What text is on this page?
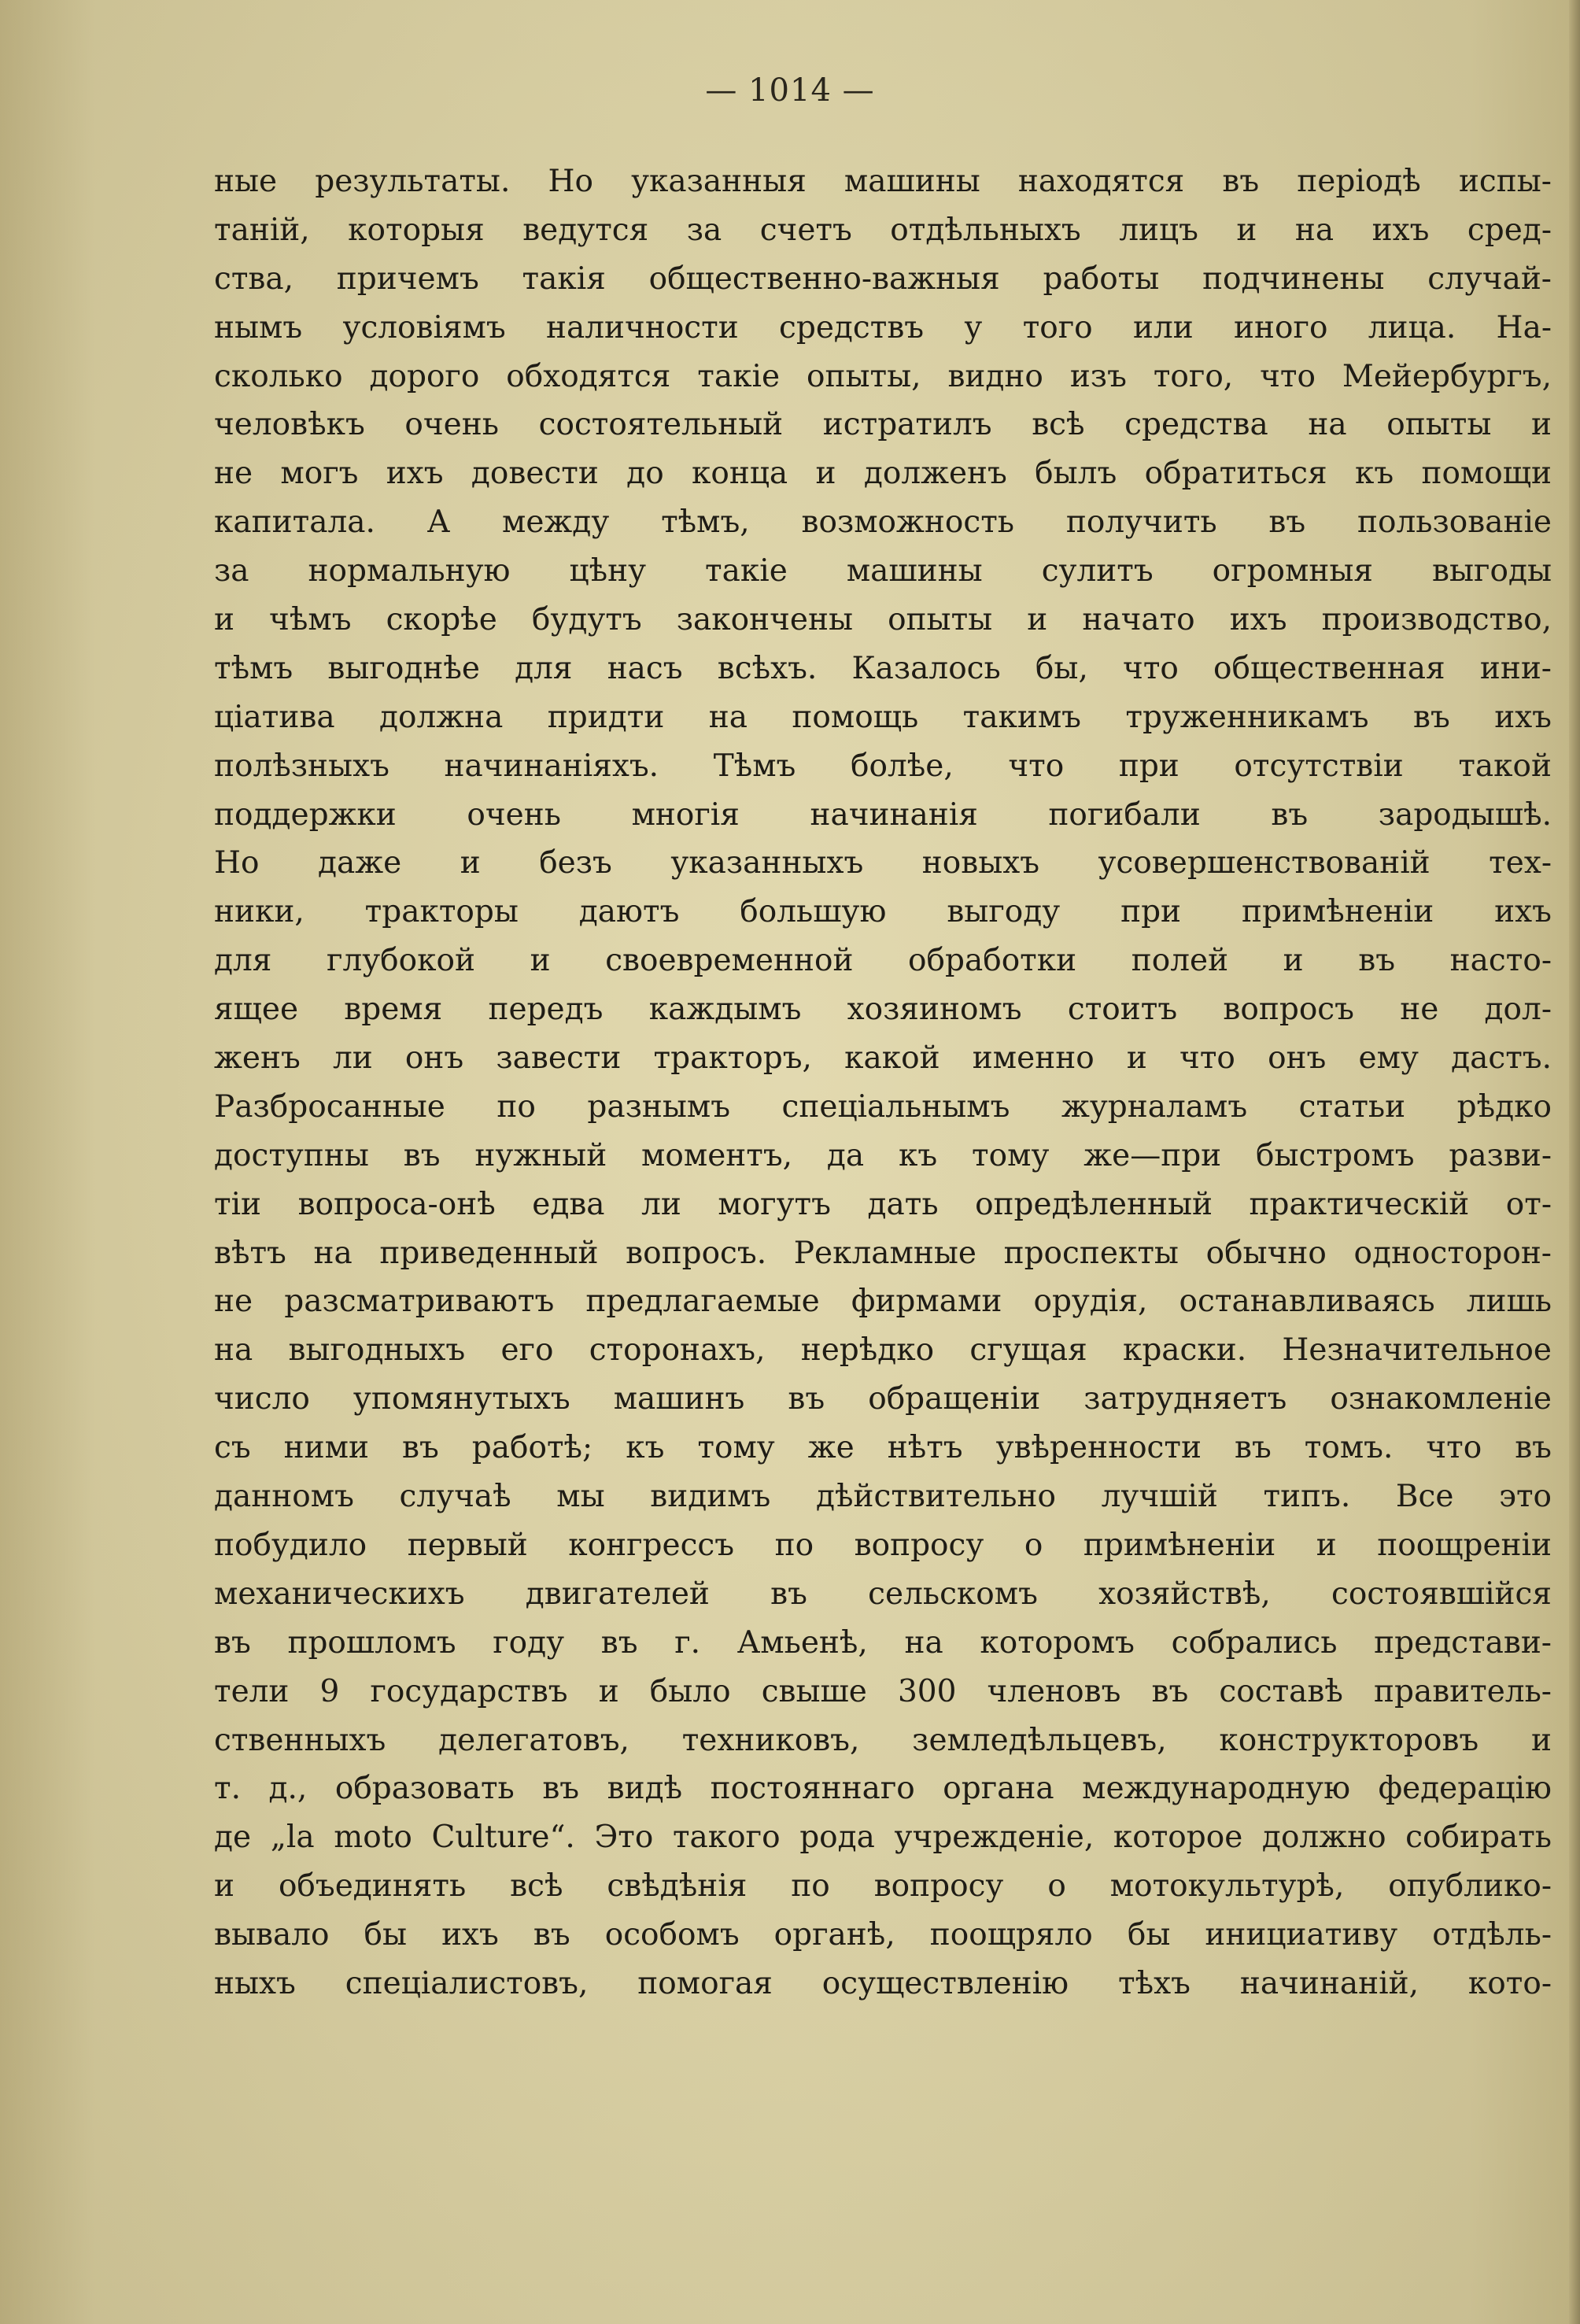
— 1014 —
ные результаты. Но указанныя машины находятся въ періодѣ испы-
таній, которыя ведутся за счетъ отдѣльныхъ лицъ и на ихъ сред-
ства, причемъ такія общественно-важныя работы подчинены случай-
нымъ условіямъ наличности средствъ у того или иного лица. На-
сколько дорого обходятся такіе опыты, видно изъ того, что Мейербургъ,
человѣкъ очень состоятельный истратилъ всѣ средства на опыты и
не могъ ихъ довести до конца и долженъ былъ обратиться къ помощи
капитала. А между тѣмъ, возможность получить въ пользованіе
за нормальную цѣну такіе машины сулитъ огромныя выгоды
и чѣмъ скорѣе будутъ закончены опыты и начато ихъ производство,
тѣмъ выгоднѣе для насъ всѣхъ. Казалось бы, что общественная ини-
ціатива должна придти на помощь такимъ труженникамъ въ ихъ
полѣзныхъ начинаніяхъ. Тѣмъ болѣе, что при отсутствіи такой
поддержки очень многія начинанія погибали въ зародышѣ.
Но даже и безъ указанныхъ новыхъ усовершенствованій тех-
ники, тракторы даютъ большую выгоду при примѣненіи ихъ
для глубокой и своевременной обработки полей и въ насто-
ящее время передъ каждымъ хозяиномъ стоитъ вопросъ не дол-
женъ ли онъ завести тракторъ, какой именно и что онъ ему дастъ.
Разбросанные по разнымъ спеціальнымъ журналамъ статьи рѣдко
доступны въ нужный моментъ, да къ тому же—при быстромъ разви-
тіи вопроса-онѣ едва ли могутъ дать опредѣленный практическій от-
вѣтъ на приведенный вопросъ. Рекламные проспекты обычно односторон-
не разсматриваютъ предлагаемые фирмами орудія, останавливаясь лишь
на выгодныхъ его сторонахъ, нерѣдко сгущая краски. Незначительное
число упомянутыхъ машинъ въ обращеніи затрудняетъ ознакомленіе
съ ними въ работѣ; къ тому же нѣтъ увѣренности въ томъ. что въ
данномъ случаѣ мы видимъ дѣйствительно лучшій типъ. Все это
побудило первый конгрессъ по вопросу о примѣненіи и поощреніи
механическихъ двигателей въ сельскомъ хозяйствѣ, состоявшійся
въ прошломъ году въ г. Амьенѣ, на которомъ собрались представи-
тели 9 государствъ и было свыше 300 членовъ въ составѣ правитель-
ственныхъ делегатовъ, техниковъ, земледѣльцевъ, конструкторовъ и
т. д., образовать въ видѣ постояннаго органа международную федерацію
де „la moto Culture“. Это такого рода учрежденіе, которое должно собирать
и объединять всѣ свѣдѣнія по вопросу о мотокультурѣ, опублико-
вывало бы ихъ въ особомъ органѣ, поощряло бы инициативу отдѣль-
ныхъ спеціалистовъ, помогая осуществленію тѣхъ начинаній, кото-
